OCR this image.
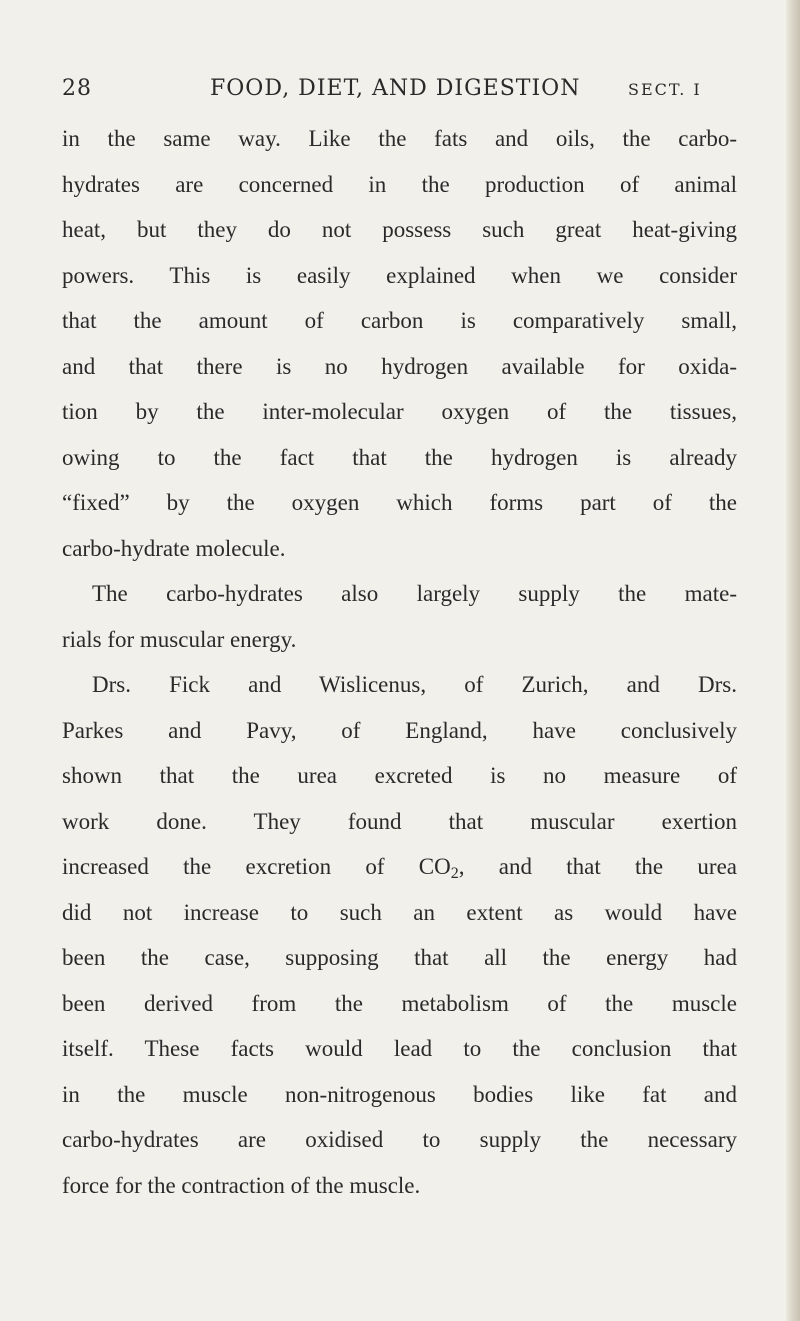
28	FOOD, DIET, AND DIGESTION	SECT. I
in the same way. Like the fats and oils, the carbo-
hydrates are concerned in the production of animal
heat, but they do not possess such great heat-giving
powers. This is easily explained when we consider
that the amount of carbon is comparatively small,
and that there is no hydrogen available for oxida-
tion by the inter-molecular oxygen of the tissues,
owing to the fact that the hydrogen is already
“fixed” by the oxygen which forms part of the
carbo-hydrate molecule.
The carbo-hydrates also largely supply the mate-
rials for muscular energy.
Drs. Fick and Wislicenus, of Zurich, and Drs.
Parkes and Pavy, of England, have conclusively
shown that the urea excreted is no measure of
work done. They found that muscular exertion
increased the excretion of $CO_2$, and that the urea
did not increase to such an extent as would have
been the case, supposing that all the energy had
been derived from the metabolism of the muscle
itself. These facts would lead to the conclusion that
in the muscle non-nitrogenous bodies like fat and
carbo-hydrates are oxidised to supply the necessary
force for the contraction of the muscle.
